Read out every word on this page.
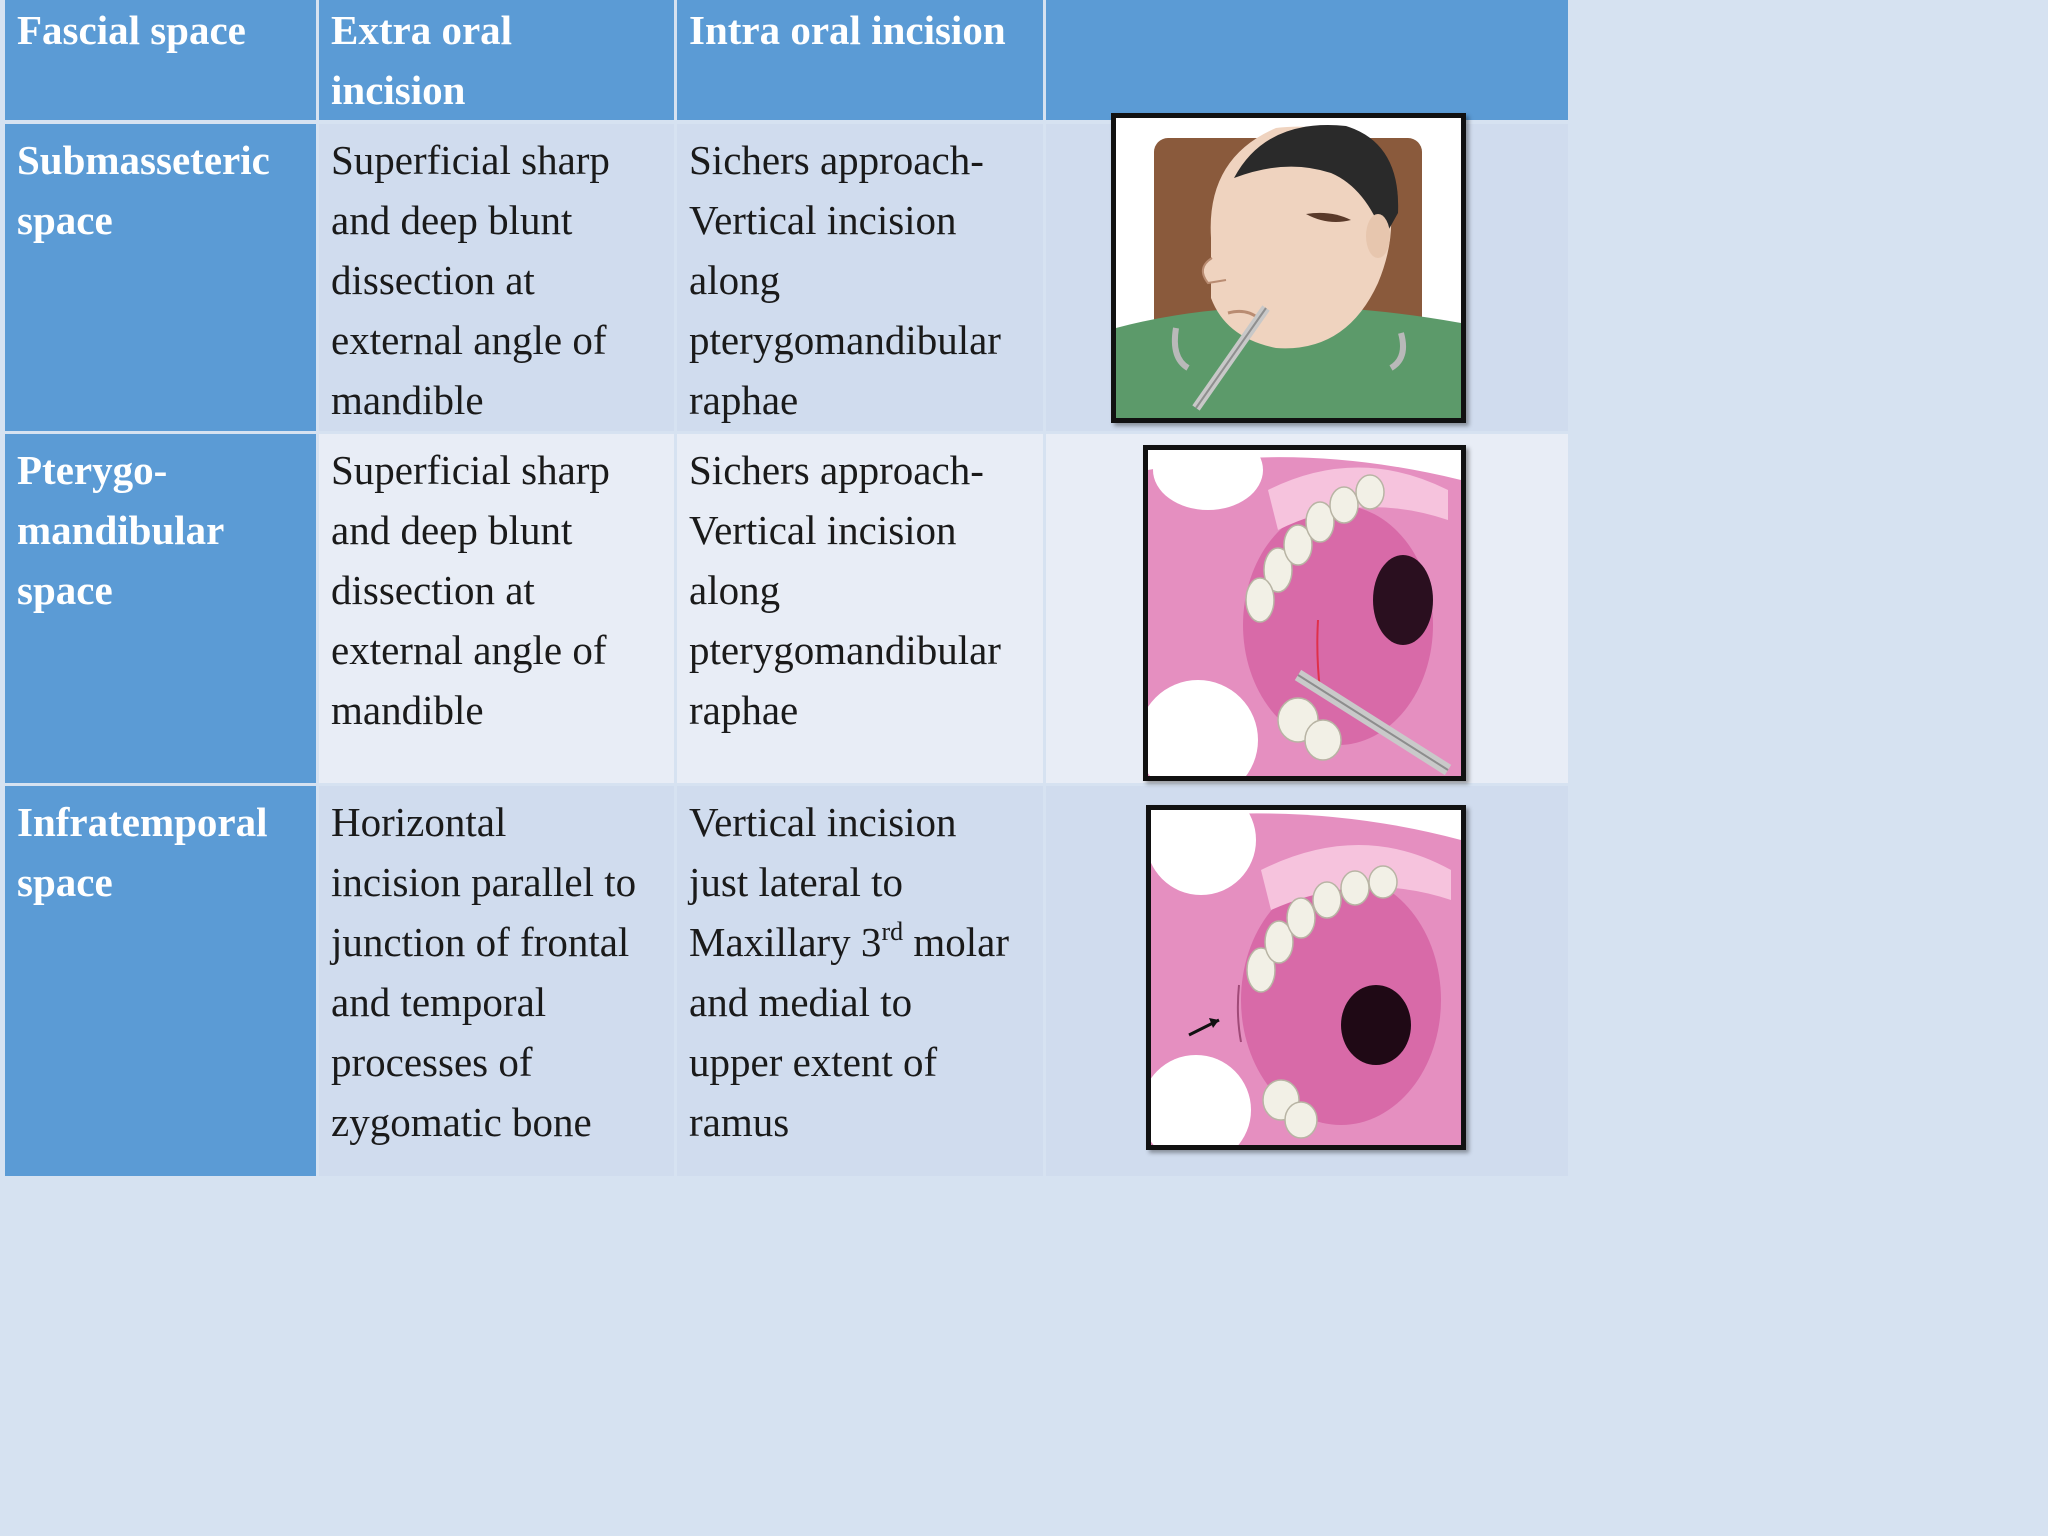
Fascial space	Extra oral
incision
Intra oral incision
Submasseteric
space
Superficial sharp
and deep blunt
dissection at
external angle of
mandible
Sichers approach-
Vertical incision
along
pterygomandibular
raphae
Pterygo-
mandibular
space
Superficial sharp
and deep blunt
dissection at
external angle of
mandible
Sichers approach-
Vertical incision
along
pterygomandibular
raphae
Infratemporal
space
Horizontal
incision parallel to
junction of frontal
and temporal
processes of
zygomatic bone
Vertical incision
just lateral to
Maxillary 3rd molar
and medial to
upper extent of
ramus
